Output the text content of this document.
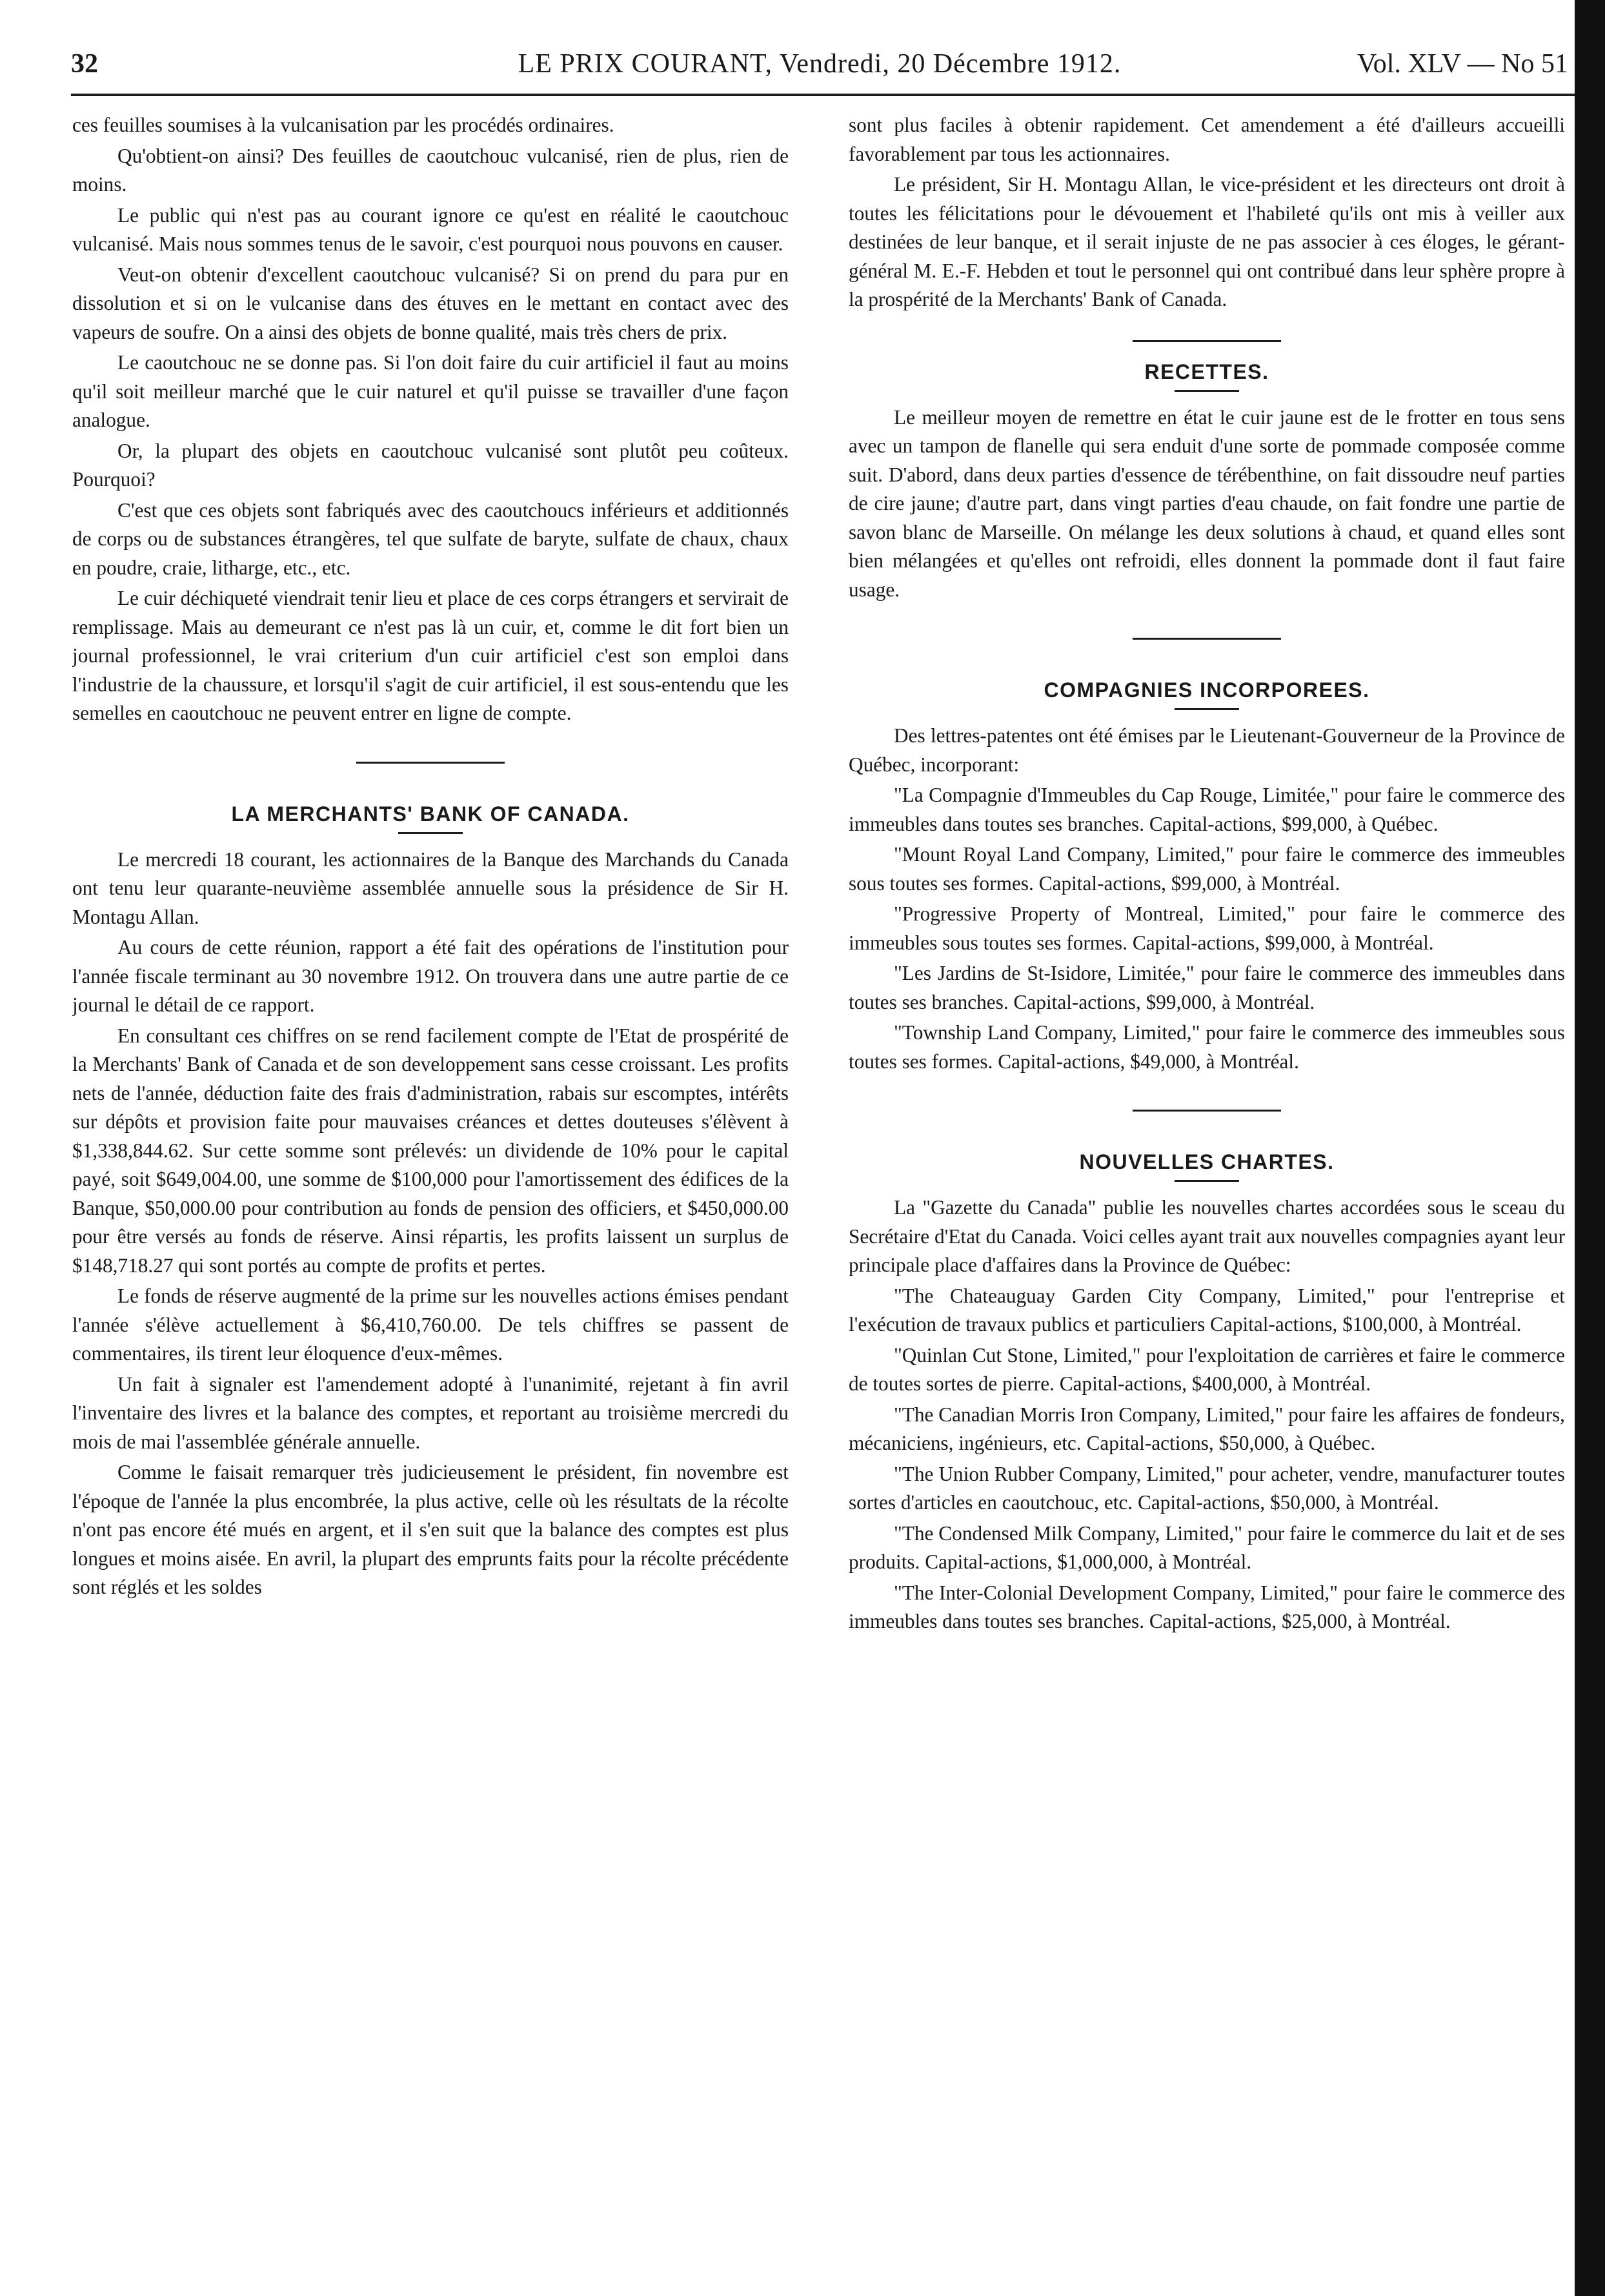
32	LE PRIX COURANT, Vendredi, 20 Décembre 1912.	Vol. XLV — No 51

ces feuilles soumises à la vulcanisation par les procédés ordinaires.

Qu'obtient-on ainsi? Des feuilles de caoutchouc vulcanisé, rien de plus, rien de moins.

Le public qui n'est pas au courant ignore ce qu'est en réalité le caoutchouc vulcanisé. Mais nous sommes tenus de le savoir, c'est pourquoi nous pouvons en causer.

Veut-on obtenir d'excellent caoutchouc vulcanisé? Si on prend du para pur en dissolution et si on le vulcanise dans des étuves en le mettant en contact avec des vapeurs de soufre. On a ainsi des objets de bonne qualité, mais très chers de prix.

Le caoutchouc ne se donne pas. Si l'on doit faire du cuir artificiel il faut au moins qu'il soit meilleur marché que le cuir naturel et qu'il puisse se travailler d'une façon analogue.

Or, la plupart des objets en caoutchouc vulcanisé sont plutôt peu coûteux. Pourquoi?

C'est que ces objets sont fabriqués avec des caoutchoucs inférieurs et additionnés de corps ou de substances étrangères, tel que sulfate de baryte, sulfate de chaux, chaux en poudre, craie, litharge, etc., etc.

Le cuir déchiqueté viendrait tenir lieu et place de ces corps étrangers et servirait de remplissage. Mais au demeurant ce n'est pas là un cuir, et, comme le dit fort bien un journal professionnel, le vrai criterium d'un cuir artificiel c'est son emploi dans l'industrie de la chaussure, et lorsqu'il s'agit de cuir artificiel, il est sous-entendu que les semelles en caoutchouc ne peuvent entrer en ligne de compte.

LA MERCHANTS' BANK OF CANADA.

Le mercredi 18 courant, les actionnaires de la Banque des Marchands du Canada ont tenu leur quarante-neuvième assemblée annuelle sous la présidence de Sir H. Montagu Allan.

Au cours de cette réunion, rapport a été fait des opérations de l'institution pour l'année fiscale terminant au 30 novembre 1912. On trouvera dans une autre partie de ce journal le détail de ce rapport.

En consultant ces chiffres on se rend facilement compte de l'Etat de prospérité de la Merchants' Bank of Canada et de son developpement sans cesse croissant. Les profits nets de l'année, déduction faite des frais d'administration, rabais sur escomptes, intérêts sur dépôts et provision faite pour mauvaises créances et dettes douteuses s'élèvent à $1,338,844.62. Sur cette somme sont prélevés: un dividende de 10% pour le capital payé, soit $649,004.00, une somme de $100,000 pour l'amortissement des édifices de la Banque, $50,000.00 pour contribution au fonds de pension des officiers, et $450,000.00 pour être versés au fonds de réserve. Ainsi répartis, les profits laissent un surplus de $148,718.27 qui sont portés au compte de profits et pertes.

Le fonds de réserve augmenté de la prime sur les nouvelles actions émises pendant l'année s'élève actuellement à $6,410,760.00. De tels chiffres se passent de commentaires, ils tirent leur éloquence d'eux-mêmes.

Un fait à signaler est l'amendement adopté à l'unanimité, rejetant à fin avril l'inventaire des livres et la balance des comptes, et reportant au troisième mercredi du mois de mai l'assemblée générale annuelle.

Comme le faisait remarquer très judicieusement le président, fin novembre est l'époque de l'année la plus encombrée, la plus active, celle où les résultats de la récolte n'ont pas encore été mués en argent, et il s'en suit que la balance des comptes est plus longues et moins aisée. En avril, la plupart des emprunts faits pour la récolte précédente sont réglés et les soldes

sont plus faciles à obtenir rapidement. Cet amendement a été d'ailleurs accueilli favorablement par tous les actionnaires.

Le président, Sir H. Montagu Allan, le vice-président et les directeurs ont droit à toutes les félicitations pour le dévouement et l'habileté qu'ils ont mis à veiller aux destinées de leur banque, et il serait injuste de ne pas associer à ces éloges, le gérant-général M. E.-F. Hebden et tout le personnel qui ont contribué dans leur sphère propre à la prospérité de la Merchants' Bank of Canada.

RECETTES.

Le meilleur moyen de remettre en état le cuir jaune est de le frotter en tous sens avec un tampon de flanelle qui sera enduit d'une sorte de pommade composée comme suit. D'abord, dans deux parties d'essence de térébenthine, on fait dissoudre neuf parties de cire jaune; d'autre part, dans vingt parties d'eau chaude, on fait fondre une partie de savon blanc de Marseille. On mélange les deux solutions à chaud, et quand elles sont bien mélangées et qu'elles ont refroidi, elles donnent la pommade dont il faut faire usage.

COMPAGNIES INCORPOREES.

Des lettres-patentes ont été émises par le Lieutenant-Gouverneur de la Province de Québec, incorporant:

"La Compagnie d'Immeubles du Cap Rouge, Limitée," pour faire le commerce des immeubles dans toutes ses branches. Capital-actions, $99,000, à Québec.

"Mount Royal Land Company, Limited," pour faire le commerce des immeubles sous toutes ses formes. Capital-actions, $99,000, à Montréal.

"Progressive Property of Montreal, Limited," pour faire le commerce des immeubles sous toutes ses formes. Capital-actions, $99,000, à Montréal.

"Les Jardins de St-Isidore, Limitée," pour faire le commerce des immeubles dans toutes ses branches. Capital-actions, $99,000, à Montréal.

"Township Land Company, Limited," pour faire le commerce des immeubles sous toutes ses formes. Capital-actions, $49,000, à Montréal.

NOUVELLES CHARTES.

La "Gazette du Canada" publie les nouvelles chartes accordées sous le sceau du Secrétaire d'Etat du Canada. Voici celles ayant trait aux nouvelles compagnies ayant leur principale place d'affaires dans la Province de Québec:

"The Chateauguay Garden City Company, Limited," pour l'entreprise et l'exécution de travaux publics et particuliers Capital-actions, $100,000, à Montréal.

"Quinlan Cut Stone, Limited," pour l'exploitation de carrières et faire le commerce de toutes sortes de pierre. Capital-actions, $400,000, à Montréal.

"The Canadian Morris Iron Company, Limited," pour faire les affaires de fondeurs, mécaniciens, ingénieurs, etc. Capital-actions, $50,000, à Québec.

"The Union Rubber Company, Limited," pour acheter, vendre, manufacturer toutes sortes d'articles en caoutchouc, etc. Capital-actions, $50,000, à Montréal.

"The Condensed Milk Company, Limited," pour faire le commerce du lait et de ses produits. Capital-actions, $1,000,000, à Montréal.

"The Inter-Colonial Development Company, Limited," pour faire le commerce des immeubles dans toutes ses branches. Capital-actions, $25,000, à Montréal.
